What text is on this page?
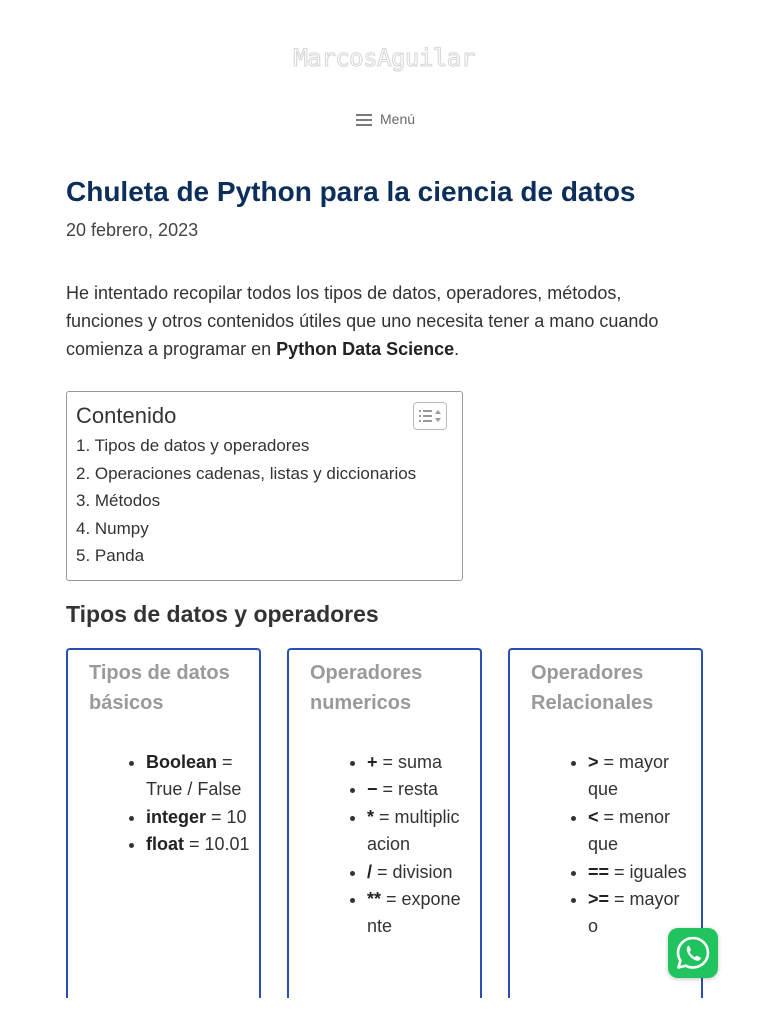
MarcosAguilar
Menú
Chuleta de Python para la ciencia de datos
20 febrero, 2023

He intentado recopilar todos los tipos de datos, operadores, métodos, funciones y otros contenidos útiles que uno necesita tener a mano cuando comienza a programar en Python Data Science.

Contenido
1. Tipos de datos y operadores
2. Operaciones cadenas, listas y diccionarios
3. Métodos
4. Numpy
5. Panda
Tipos de datos y operadores
Tipos de datos básicos
• Boolean = True / False
• integer = 10
• float = 10.01
Operadores numericos
• + = suma
• − = resta
• * = multiplicacion
• / = division
• ** = exponente
Operadores Relacionales
• > = mayor que
• < = menor que
• == = iguales
• >= = mayor o
